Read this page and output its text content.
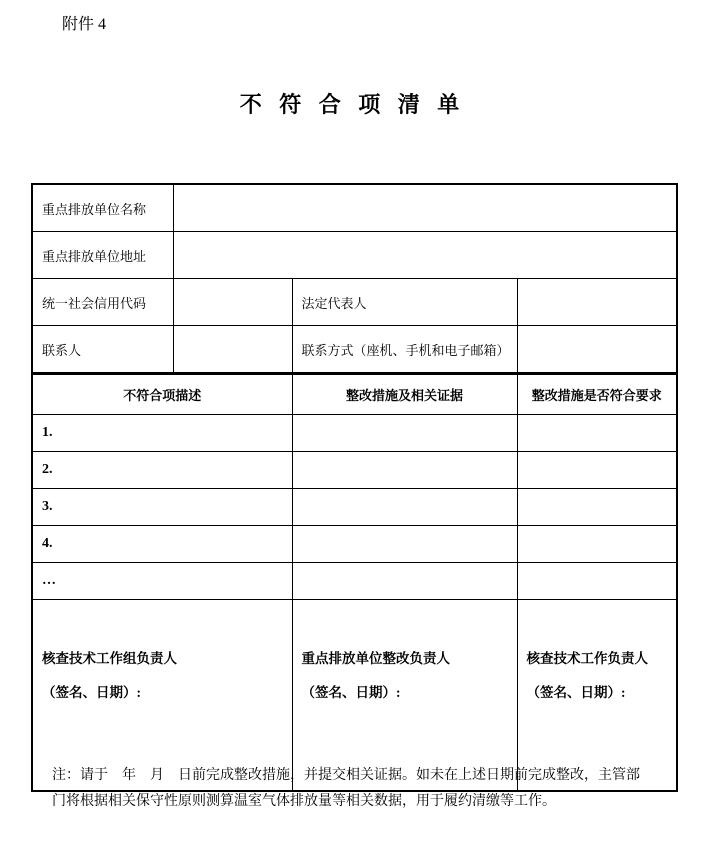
附件 4
不 符 合 项 清 单
重点排放单位名称			
重点排放单位地址			
统一社会信用代码		法定代表人	
联系人		联系方式（座机、手机和电子邮箱）	
不符合项描述	整改措施及相关证据	整改措施是否符合要求
1.		
2.		
3.		
4.		
…		

核查技术工作组负责人
（签名、日期）:

重点排放单位整改负责人
（签名、日期）:

核查技术工作负责人
（签名、日期）:
注：请于　年　月　日前完成整改措施，并提交相关证据。如未在上述日期前完成整改，主管部
门将根据相关保守性原则测算温室气体排放量等相关数据，用于履约清缴等工作。
